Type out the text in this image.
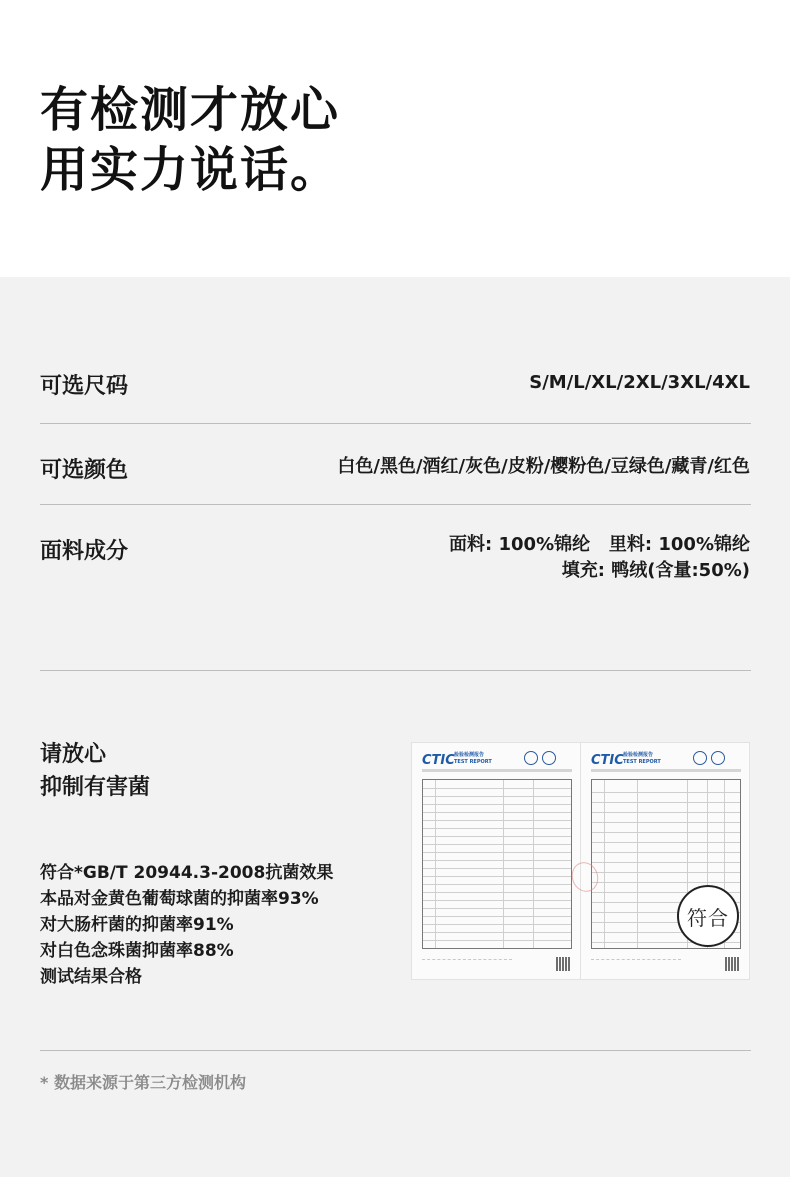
有检测才放心
用实力说话。
可选尺码	S/M/L/XL/2XL/3XL/4XL
可选颜色	白色/黑色/酒红/灰色/皮粉/樱粉色/豆绿色/藏青/红色
面料成分	面料: 100%锦纶   里料: 100%锦纶
填充: 鸭绒(含量:50%)
请放心
抑制有害菌
符合*GB/T 20944.3-2008抗菌效果
本品对金黄色葡萄球菌的抑菌率93%
对大肠杆菌的抑菌率91%
对白色念珠菌抑菌率88%
测试结果合格
CTIC 检验检测报告
TEST REPORT	CTIC 检验检测报告
TEST REPORT
符合
* 数据来源于第三方检测机构
